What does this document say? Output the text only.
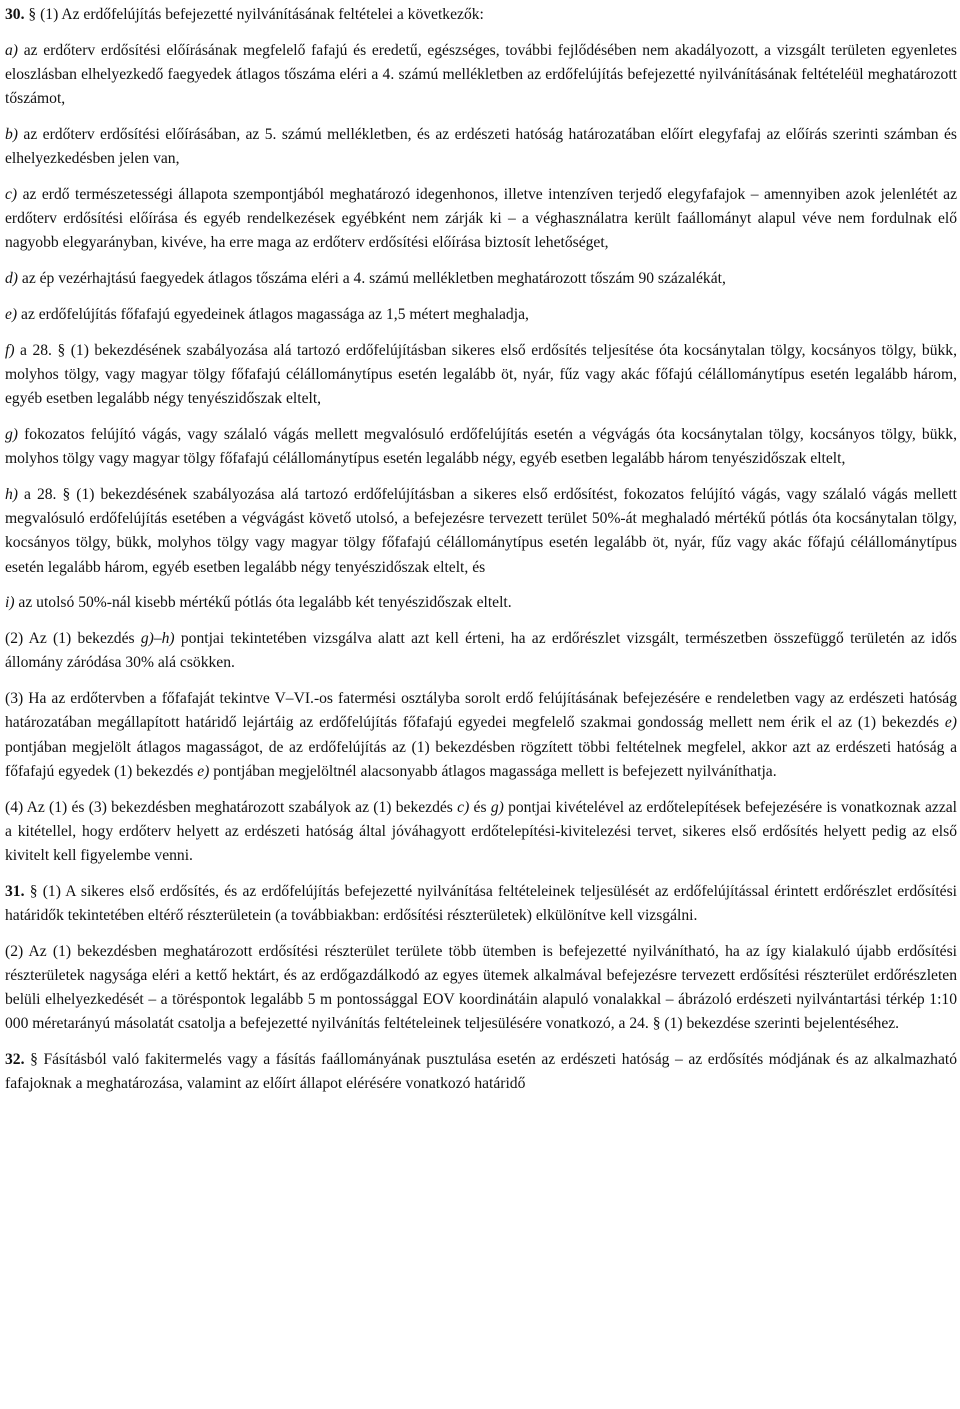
30. § (1) Az erdőfelújítás befejezetté nyilvánításának feltételei a következők:

a) az erdőterv erdősítési előírásának megfelelő fafajú és eredetű, egészséges, további fejlődésében nem akadályozott, a vizsgált területen egyenletes eloszlásban elhelyezkedő faegyedek átlagos tőszáma eléri a 4. számú mellékletben az erdőfelújítás befejezetté nyilvánításának feltételéül meghatározott tőszámot,

b) az erdőterv erdősítési előírásában, az 5. számú mellékletben, és az erdészeti hatóság határozatában előírt elegyfafaj az előírás szerinti számban és elhelyezkedésben jelen van,

c) az erdő természetességi állapota szempontjából meghatározó idegenhonos, illetve intenzíven terjedő elegyfafajok – amennyiben azok jelenlétét az erdőterv erdősítési előírása és egyéb rendelkezések egyébként nem zárják ki – a véghasználatra került faállományt alapul véve nem fordulnak elő nagyobb elegyarányban, kivéve, ha erre maga az erdőterv erdősítési előírása biztosít lehetőséget,

d) az ép vezérhajtású faegyedek átlagos tőszáma eléri a 4. számú mellékletben meghatározott tőszám 90 százalékát,

e) az erdőfelújítás főfafajú egyedeinek átlagos magassága az 1,5 métert meghaladja,

f) a 28. § (1) bekezdésének szabályozása alá tartozó erdőfelújításban sikeres első erdősítés teljesítése óta kocsánytalan tölgy, kocsányos tölgy, bükk, molyhos tölgy, vagy magyar tölgy főfafajú célállománytípus esetén legalább öt, nyár, fűz vagy akác főfajú célállománytípus esetén legalább három, egyéb esetben legalább négy tenyészidőszak eltelt,

g) fokozatos felújító vágás, vagy szálaló vágás mellett megvalósuló erdőfelújítás esetén a végvágás óta kocsánytalan tölgy, kocsányos tölgy, bükk, molyhos tölgy vagy magyar tölgy főfafajú célállománytípus esetén legalább négy, egyéb esetben legalább három tenyészidőszak eltelt,

h) a 28. § (1) bekezdésének szabályozása alá tartozó erdőfelújításban a sikeres első erdősítést, fokozatos felújító vágás, vagy szálaló vágás mellett megvalósuló erdőfelújítás esetében a végvágást követő utolsó, a befejezésre tervezett terület 50%-át meghaladó mértékű pótlás óta kocsánytalan tölgy, kocsányos tölgy, bükk, molyhos tölgy vagy magyar tölgy főfafajú célállománytípus esetén legalább öt, nyár, fűz vagy akác főfajú célállománytípus esetén legalább három, egyéb esetben legalább négy tenyészidőszak eltelt, és

i) az utolsó 50%-nál kisebb mértékű pótlás óta legalább két tenyészidőszak eltelt.

(2) Az (1) bekezdés g)–h) pontjai tekintetében vizsgálva alatt azt kell érteni, ha az erdőrészlet vizsgált, természetben összefüggő területén az idős állomány záródása 30% alá csökken.

(3) Ha az erdőtervben a főfafaját tekintve V–VI.-os fatermési osztályba sorolt erdő felújításának befejezésére e rendeletben vagy az erdészeti hatóság határozatában megállapított határidő lejártáig az erdőfelújítás főfafajú egyedei megfelelő szakmai gondosság mellett nem érik el az (1) bekezdés e) pontjában megjelölt átlagos magasságot, de az erdőfelújítás az (1) bekezdésben rögzített többi feltételnek megfelel, akkor azt az erdészeti hatóság a főfafajú egyedek (1) bekezdés e) pontjában megjelöltnél alacsonyabb átlagos magassága mellett is befejezett nyilváníthatja.

(4) Az (1) és (3) bekezdésben meghatározott szabályok az (1) bekezdés c) és g) pontjai kivételével az erdőtelepítések befejezésére is vonatkoznak azzal a kitétellel, hogy erdőterv helyett az erdészeti hatóság által jóváhagyott erdőtelepítési-kivitelezési tervet, sikeres első erdősítés helyett pedig az első kivitelt kell figyelembe venni.

31. § (1) A sikeres első erdősítés, és az erdőfelújítás befejezetté nyilvánítása feltételeinek teljesülését az erdőfelújítással érintett erdőrészlet erdősítési határidők tekintetében eltérő részterületein (a továbbiakban: erdősítési részterületek) elkülönítve kell vizsgálni.

(2) Az (1) bekezdésben meghatározott erdősítési részterület területe több ütemben is befejezetté nyilvánítható, ha az így kialakuló újabb erdősítési részterületek nagysága eléri a kettő hektárt, és az erdőgazdálkodó az egyes ütemek alkalmával befejezésre tervezett erdősítési részterület erdőrészleten belüli elhelyezkedését – a töréspontok legalább 5 m pontossággal EOV koordinátáin alapuló vonalakkal – ábrázoló erdészeti nyilvántartási térkép 1:10 000 méretarányú másolatát csatolja a befejezetté nyilvánítás feltételeinek teljesülésére vonatkozó, a 24. § (1) bekezdése szerinti bejelentéséhez.

32. § Fásításból való fakitermelés vagy a fásítás faállományának pusztulása esetén az erdészeti hatóság – az erdősítés módjának és az alkalmazható fafajoknak a meghatározása, valamint az előírt állapot elérésére vonatkozó határidő
